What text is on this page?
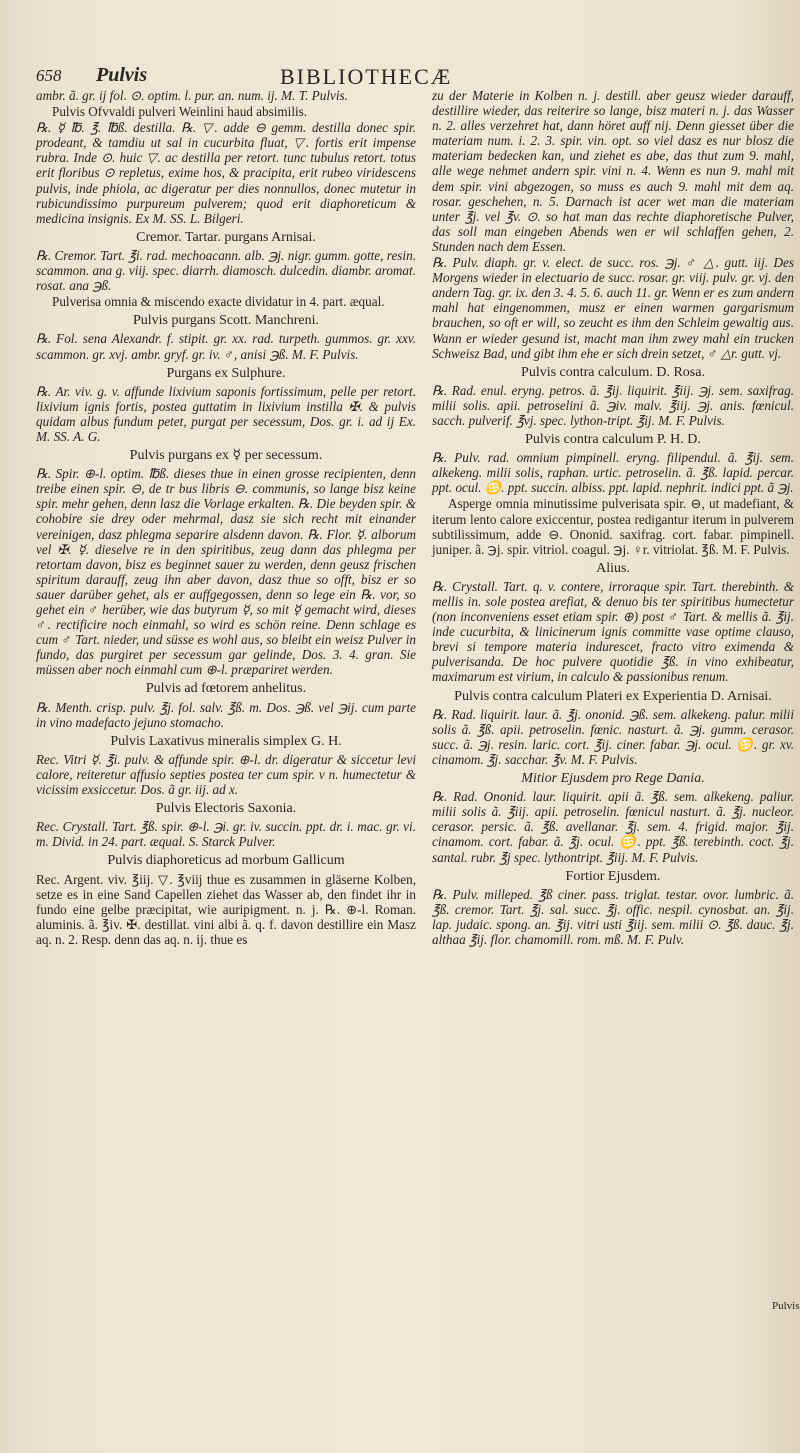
658 Pulvis	BIBLIOTHECÆ

ambr. ã. gr. ij fol. ⊙. optim. l. pur. an. num. ij. M. T. Pulvis.

Pulvis Ofvvaldi pulveri Weinlini haud absimilis.

℞. ☿ ℔. ℥. ℔ß. destilla. ℞. ▽. adde ⊖ gemm. destilla donec spir. prodeant, & tamdiu ut sal in cucurbita fluat, ▽. fortis erit impense rubra. Inde ⊙. huic ▽. ac destilla per retort. tunc tubulus retort. totus erit floribus ⊙ repletus, exime hos, & pracipita, erit rubeo viridescens pulvis, inde phiola, ac digeratur per dies nonnullos, donec mutetur in rubicundissimo purpureum pulverem; quod erit diaphoreticum & medicina insignis. Ex M. SS. L. Bilgeri.

Cremor. Tartar. purgans Arnisai.

℞. Cremor. Tart. ℥i. rad. mechoacann. alb. ℈j. nigr. gumm. gotte, resin. scammon. ana g. viij. spec. diarrh. diamosch. dulcedin. diambr. aromat. rosat. ana ℈ß.

Pulverisa omnia & miscendo exacte dividatur in 4. part. æqual.

Pulvis purgans Scott. Manchreni.

℞. Fol. sena Alexandr. f. stipit. gr. xx. rad. turpeth. gummos. gr. xxv. scammon. gr. xvj. ambr. gryf. gr. iv. ♂, anisi ℈ß. M. F. Pulvis.

Purgans ex Sulphure.

℞. Ar. viv. g. v. affunde lixivium saponis fortissimum, pelle per retort. lixivium ignis fortis, postea guttatim in lixivium instilla ✠. & pulvis quidam albus fundum petet, purgat per secessum, Dos. gr. i. ad ij Ex. M. SS. A. G.

Pulvis purgans ex ☿ per secessum.

℞. Spir. ⊕-l. optim. ℔ß. dieses thue in einen grosse recipienten, denn treibe einen spir. ⊖, de tr bus libris ⊖. communis, so lange bisz keine spir. mehr gehen, denn lasz die Vorlage erkalten. ℞. Die beyden spir. & cohobire sie drey oder mehrmal, dasz sie sich recht mit einander vereinigen, dasz phlegma separire alsdenn davon. ℞. Flor. ☿. alborum vel ✠. ☿. dieselve re in den spiritibus, zeug dann das phlegma per retortam davon, bisz es beginnet sauer zu werden, denn geusz frischen spiritum darauff, zeug ihn aber davon, dasz thue so offt, bisz er so sauer darüber gehet, als er auffgegossen, denn so lege ein ℞. vor, so gehet ein ♂ herüber, wie das butyrum ☿, so mit ☿ gemacht wird, dieses ♂. rectificire noch einmahl, so wird es schön reine. Denn schlage es cum ♂ Tart. nieder, und süsse es wohl aus, so bleibt ein weisz Pulver in fundo, das purgiret per secessum gar gelinde, Dos. 3. 4. gran. Sie müssen aber noch einmahl cum ⊕-l. præpariret werden.

Pulvis ad fœtorem anhelitus.

℞. Menth. crisp. pulv. ℥j. fol. salv. ℥ß. m. Dos. ℈ß. vel ℈ij. cum parte in vino madefacto jejuno stomacho.

Pulvis Laxativus mineralis simplex G. H.

Rec. Vitri ☿. ℥i. pulv. & affunde spir. ⊕-l. dr. digeratur & siccetur levi calore, reiteretur affusio septies postea ter cum spir. v n. humectetur & vicissim exsiccetur. Dos. ã gr. iij. ad x.

Pulvis Electoris Saxonia.

Rec. Crystall. Tart. ℥ß. spir. ⊕-l. ℈i. gr. iv. succin. ppt. dr. i. mac. gr. vi. m. Divid. in 24. part. æqual. S. Starck Pulver.

Pulvis diaphoreticus ad morbum Gallicum

Rec. Argent. viv. ℥iij. ▽. ℥viij thue es zusammen in gläserne Kolben, setze es in eine Sand Capellen ziehet das Wasser ab, den findet ihr in fundo eine gelbe præcipitat, wie auripigment. n. j. ℞. ⊕-l. Roman. aluminis. ã. ℥iv. ✠. destillat. vini albi ã. q. f. davon destillire ein Masz aq. n. 2. Resp. denn das aq. n. ij. thue es

zu der Materie in Kolben n. j. destill. aber geusz wieder darauff, destillire wieder, das reiterire so lange, bisz materi n. j. das Wasser n. 2. alles verzehret hat, dann höret auff nij. Denn giesset über die materiam num. i. 2. 3. spir. vin. opt. so viel dasz es nur blosz die materiam bedecken kan, und ziehet es abe, das thut zum 9. mahl, alle wege nehmet andern spir. vini n. 4. Wenn es nun 9. mahl mit dem spir. vini abgezogen, so muss es auch 9. mahl mit dem aq. rosar. geschehen, n. 5. Darnach ist acer wet man die materiam unter ℥j. vel ℥v. ⊙. so hat man das rechte diaphoretische Pulver, das soll man eingeben Abends wen er wil schlaffen gehen, 2. Stunden nach dem Essen.

℞. Pulv. diaph. gr. v. elect. de succ. ros. ℈j. ♂ △. gutt. iij. Des Morgens wieder in electuario de succ. rosar. gr. viij. pulv. gr. vj. den andern Tag. gr. ix. den 3. 4. 5. 6. auch 11. gr. Wenn er es zum andern mahl hat eingenommen, musz er einen warmen gargarismum brauchen, so oft er will, so zeucht es ihm den Schleim gewaltig aus. Wann er wieder gesund ist, macht man ihm zwey mahl ein trucken Schweisz Bad, und gibt ihm ehe er sich drein setzet, ♂ △r. gutt. vj.

Pulvis contra calculum. D. Rosa.

℞. Rad. enul. eryng. petros. ã. ℥ij. liquirit. ℥iij. ℈j. sem. saxifrag. milii solis. apii. petroselini ã. ℈iv. malv. ℥iij. ℈j. anis. fœnicul. sacch. pulverif. ℥vj. spec. lython-tript. ℥ij. M. F. Pulvis.

Pulvis contra calculum P. H. D.

℞. Pulv. rad. omnium pimpinell. eryng. filipendul. ã. ℥ij. sem. alkekeng. milii solis, raphan. urtic. petroselin. ã. ℥ß. lapid. percar. ppt. ocul. ♋. ppt. succin. albiss. ppt. lapid. nephrit. indici ppt. ã ℈j.

Asperge omnia minutissime pulverisata spir. ⊖, ut madefiant, & iterum lento calore exiccentur, postea redigantur iterum in pulverem subtilissimum, adde ⊖. Ononid. saxifrag. cort. fabar. pimpinell. juniper. ã. ℈j. spir. vitriol. coagul. ℈j. ♀r. vitriolat. ℥ß. M. F. Pulvis.

Alius.

℞. Crystall. Tart. q. v. contere, irroraque spir. Tart. therebinth. & mellis in. sole postea arefiat, & denuo bis ter spiritibus humectetur (non inconveniens esset etiam spir. ⊕) post ♂ Tart. & mellis ã. ℥ij. inde cucurbita, & linicinerum ignis committe vase optime clauso, brevi si tempore materia indurescet, fracto vitro eximenda & pulverisanda. De hoc pulvere quotidie ℥ß. in vino exhibeatur, maximarum est virium, in calculo & passionibus renum.

Pulvis contra calculum Plateri ex Experientia D. Arnisai.

℞. Rad. liquirit. laur. ã. ℥j. ononid. ℈ß. sem. alkekeng. palur. milii solis ã. ℥ß. apii. petroselin. fœnic. nasturt. ã. ℈j. gumm. cerasor. succ. ã. ℈j. resin. laric. cort. ℥ij. ciner. fabar. ℈j. ocul. ♋. gr. xv. cinamom. ℥j. sacchar. ℥v. M. F. Pulvis.

Mitior Ejusdem pro Rege Dania.

℞. Rad. Ononid. laur. liquirit. apii ã. ℥ß. sem. alkekeng. paliur. milii solis ã. ℥iij. apii. petroselin. fœnicul nasturt. ã. ℥j. nucleor. cerasor. persic. ã. ℥ß. avellanar. ℥j. sem. 4. frigid. major. ℥ij. cinamom. cort. fabar. ã. ℥j. ocul. ♋. ppt. ℥ß. terebinth. coct. ℥j. santal. rubr. ℥j spec. lythontript. ℥iij. M. F. Pulvis.

Fortior Ejusdem.

℞. Pulv. milleped. ℥ß ciner. pass. triglat. testar. ovor. lumbric. ã. ℥ß. cremor. Tart. ℥j. sal. succ. ℥j. offic. nespil. cynosbat. an. ℥ij. lap. judaic. spong. an. ℥ij. vitri usti ℥iij. sem. milii ⊙. ℥ß. dauc. ℥j. althaa ℥ij. flor. chamomill. rom. mß. M. F. Pulv.

Pulvis
